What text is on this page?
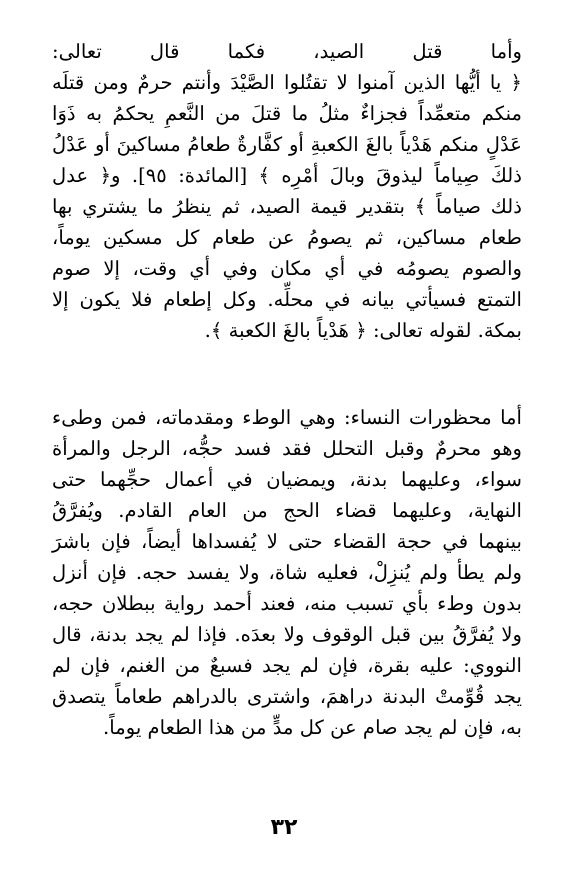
وأما قتل الصيد، فكما قال تعالى:
﴿ يا أيُّها الذين آمنوا لا تقتُلوا الصَّيْدَ وأنتم حرمٌ ومن قتلَه
منكم متعمِّداً فجزاءٌ مثلُ ما قتلَ من النَّعمِ يحكمُ به ذَوَا
عَدْلٍ منكم هَدْياً بالغَ الكعبةِ أو كفَّارةٌ طعامُ مساكينَ أو عَدْلُ
ذلكَ صِياماً ليذوقَ وبالَ أمْرِه ﴾ [المائدة: ٩٥]. و﴿ عدل
ذلك صياماً ﴾ بتقدير قيمة الصيد، ثم ينظرُ ما يشتري بها
طعام مساكين، ثم يصومُ عن طعام كل مسكين يوماً،
والصوم يصومُه في أي مكان وفي أي وقت، إلا صوم
التمتع فسيأتي بيانه في محلِّه. وكل إطعام فلا يكون إلا
بمكة. لقوله تعالى: ﴿ هَدْياً بالغَ الكعبة ﴾.
أما محظورات النساء: وهي الوطء ومقدماته، فمن وطىء
وهو محرمٌ وقبل التحلل فقد فسد حجُّه، الرجل والمرأة
سواء، وعليهما بدنة، ويمضيان في أعمال حجِّهما حتى
النهاية، وعليهما قضاء الحج من العام القادم. ويُفرَّقُ
بينهما في حجة القضاء حتى لا يُفسداها أيضاً، فإن باشرَ
ولم يطأ ولم يُنزِلْ، فعليه شاة، ولا يفسد حجه. فإن أنزل
بدون وطء بأي تسبب منه، فعند أحمد رواية ببطلان حجه،
ولا يُفرَّقُ بين قبل الوقوف ولا بعدَه. فإذا لم يجد بدنة، قال
النووي: عليه بقرة، فإن لم يجد فسبعٌ من الغنم، فإن لم
يجد قُوِّمتْ البدنة دراهمَ، واشترى بالدراهم طعاماً يتصدق
به، فإن لم يجد صام عن كل مدٍّ من هذا الطعام يوماً.
٣٢
